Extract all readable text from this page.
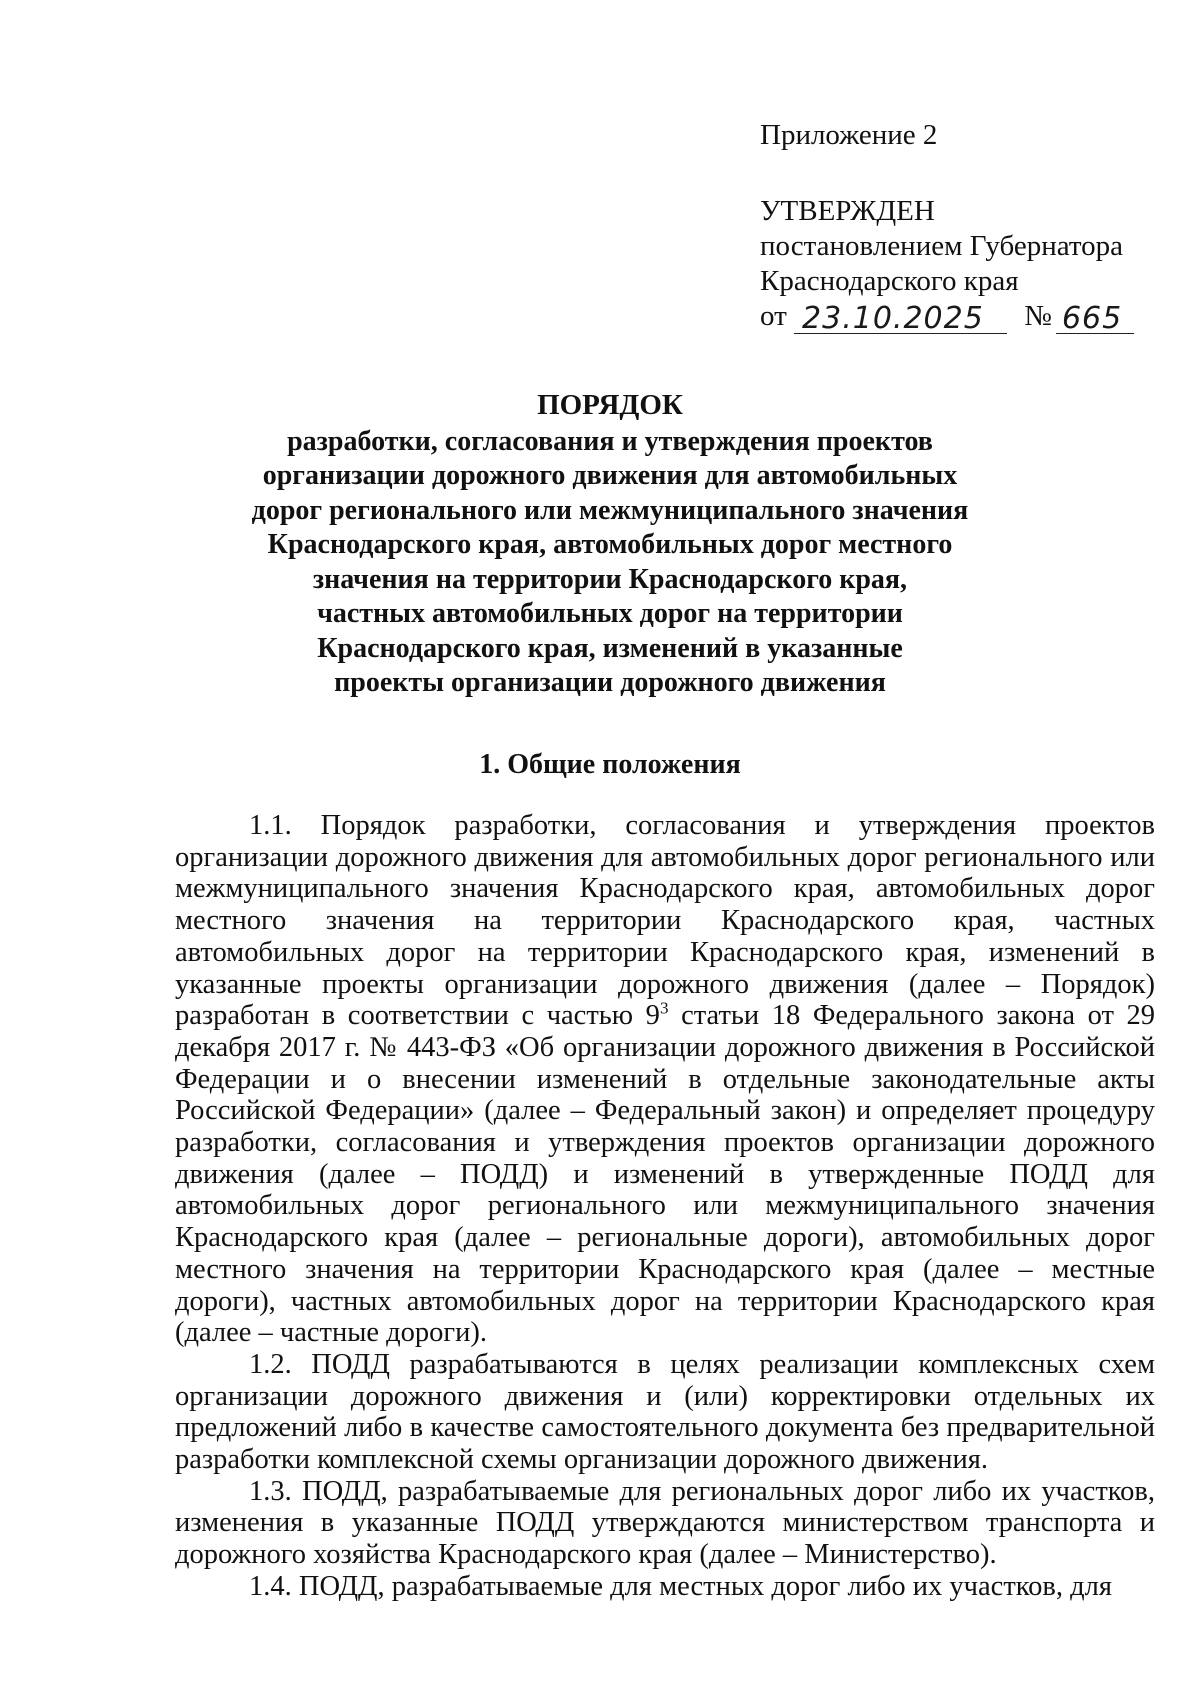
Приложение 2
УТВЕРЖДЕН
постановлением Губернатора
Краснодарского края
от 23.10.2025 № 665
ПОРЯДОК
разработки, согласования и утверждения проектов
организации дорожного движения для автомобильных
дорог регионального или межмуниципального значения
Краснодарского края, автомобильных дорог местного
значения на территории Краснодарского края,
частных автомобильных дорог на территории
Краснодарского края, изменений в указанные
проекты организации дорожного движения
1. Общие положения

1.1. Порядок разработки, согласования и утверждения проектов организации дорожного движения для автомобильных дорог регионального или межмуниципального значения Краснодарского края, автомобильных дорог местного значения на территории Краснодарского края, частных автомобильных дорог на территории Краснодарского края, изменений в указанные проекты организации дорожного движения (далее – Порядок) разработан в соответствии с частью $9^3$ статьи 18 Федерального закона от 29 декабря 2017 г. № 443-ФЗ «Об организации дорожного движения в Российской Федерации и о внесении изменений в отдельные законодательные акты Российской Федерации» (далее – Федеральный закон) и определяет процедуру разработки, согласования и утверждения проектов организации дорожного движения (далее – ПОДД) и изменений в утвержденные ПОДД для автомобильных дорог регионального или межмуниципального значения Краснодарского края (далее – региональные дороги), автомобильных дорог местного значения на территории Краснодарского края (далее – местные дороги), частных автомобильных дорог на территории Краснодарского края (далее – частные дороги).

1.2. ПОДД разрабатываются в целях реализации комплексных схем организации дорожного движения и (или) корректировки отдельных их предложений либо в качестве самостоятельного документа без предварительной разработки комплексной схемы организации дорожного движения.

1.3. ПОДД, разрабатываемые для региональных дорог либо их участков, изменения в указанные ПОДД утверждаются министерством транспорта и дорожного хозяйства Краснодарского края (далее – Министерство).

1.4. ПОДД, разрабатываемые для местных дорог либо их участков, для
